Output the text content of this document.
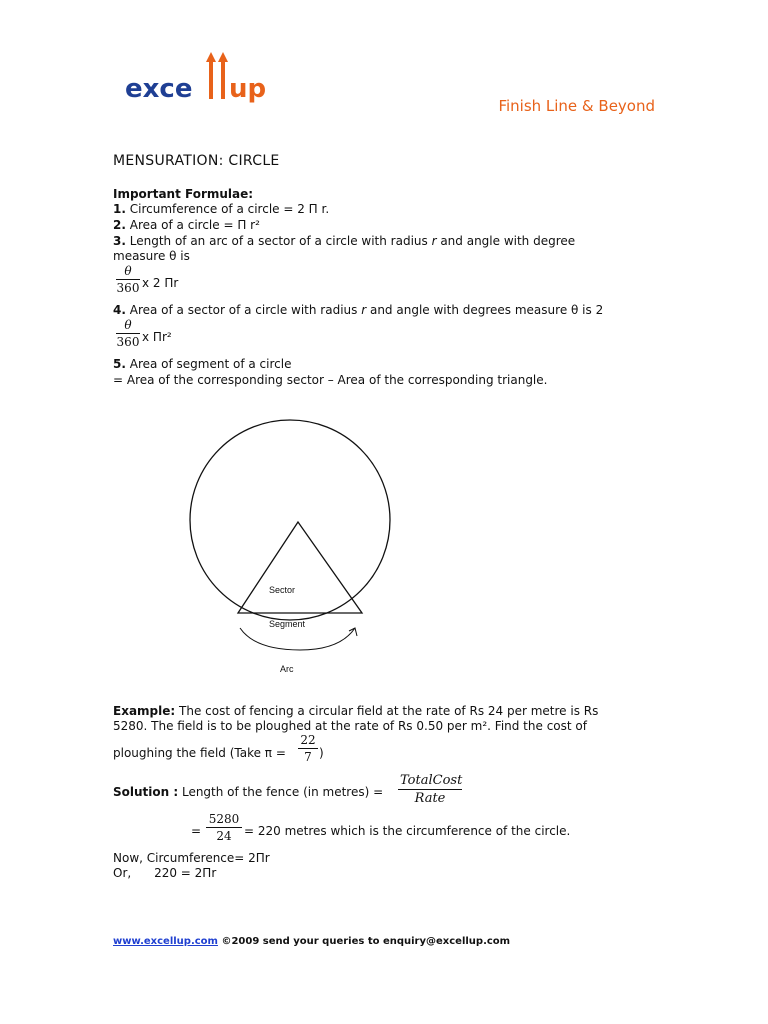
exce up
Finish Line & Beyond
MENSURATION: CIRCLE
Important Formulae:
1. Circumference of a circle = 2 Π r.
2. Area of a circle = Π r²
3. Length of an arc of a sector of a circle with radius r and angle with degree
measure θ is
θ
360 x 2 Πr
4. Area of a sector of a circle with radius r and angle with degrees measure θ is 2
θ
360 x Πr²
5. Area of segment of a circle
= Area of the corresponding sector – Area of the corresponding triangle.
Sector
Segment
Arc
Example: The cost of fencing a circular field at the rate of Rs 24 per metre is Rs
5280. The field is to be ploughed at the rate of Rs 0.50 per m². Find the cost of
ploughing the field (Take π =
22
7 )
Solution : Length of the fence (in metres) =
TotalCost
Rate
=
5280
24	= 220 metres which is the circumference of the circle.
Now, Circumference= 2Πr
Or,      220 = 2Πr
www.excellup.com ©2009 send your queries to enquiry@excellup.com
